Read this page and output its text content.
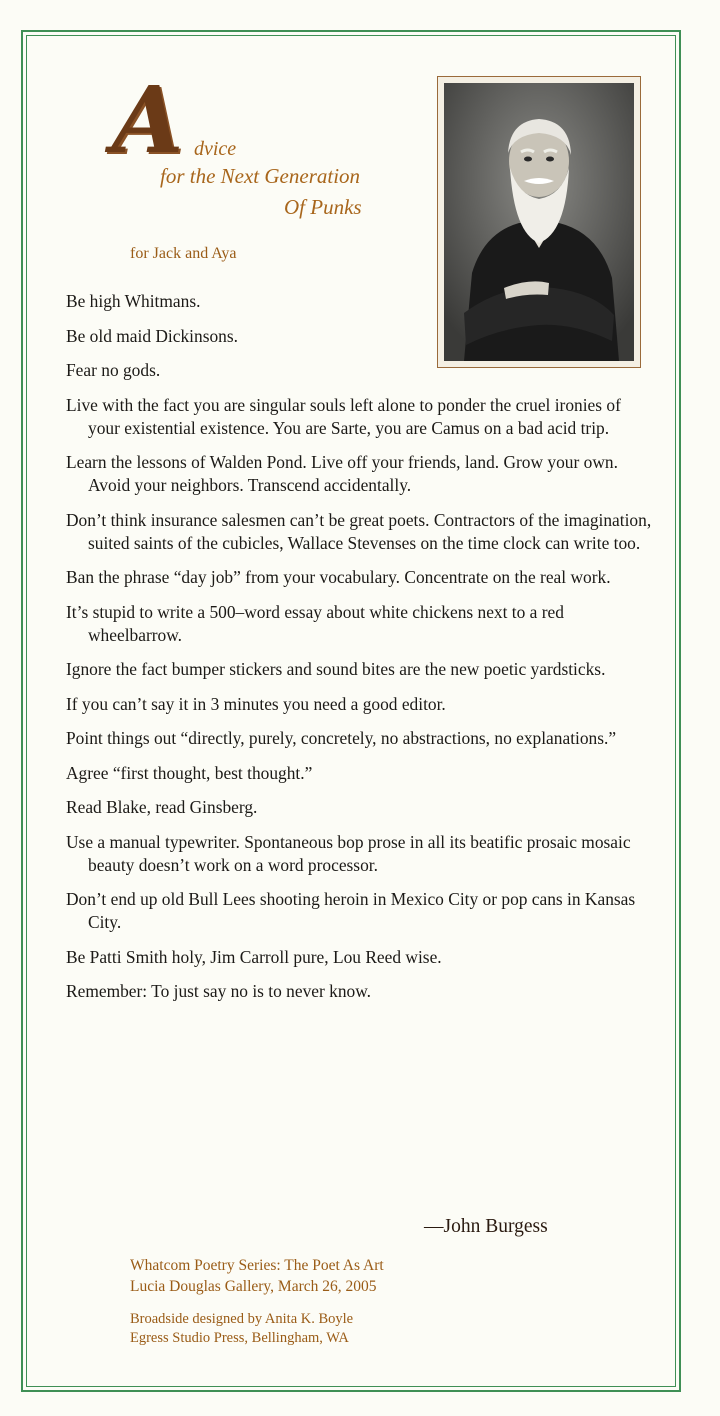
A dvice
for the Next Generation
Of Punks
for Jack and Aya

Be high Whitmans.

Be old maid Dickinsons.

Fear no gods.

Live with the fact you are singular souls left alone to ponder the cruel ironies of your existential existence. You are Sarte, you are Camus on a bad acid trip.

Learn the lessons of Walden Pond. Live off your friends, land. Grow your own. Avoid your neighbors. Transcend accidentally.

Don’t think insurance salesmen can’t be great poets. Contractors of the imagination, suited saints of the cubicles, Wallace Stevenses on the time clock can write too.

Ban the phrase “day job” from your vocabulary. Concentrate on the real work.

It’s stupid to write a 500–word essay about white chickens next to a red wheelbarrow.

Ignore the fact bumper stickers and sound bites are the new poetic yardsticks.

If you can’t say it in 3 minutes you need a good editor.

Point things out “directly, purely, concretely, no abstractions, no explanations.”

Agree “first thought, best thought.”

Read Blake, read Ginsberg.

Use a manual typewriter. Spontaneous bop prose in all its beatific prosaic mosaic beauty doesn’t work on a word processor.

Don’t end up old Bull Lees shooting heroin in Mexico City or pop cans in Kansas City.

Be Patti Smith holy, Jim Carroll pure, Lou Reed wise.

Remember: To just say no is to never know.

—John Burgess
Whatcom Poetry Series: The Poet As Art
Lucia Douglas Gallery, March 26, 2005
Broadside designed by Anita K. Boyle
Egress Studio Press, Bellingham, WA
